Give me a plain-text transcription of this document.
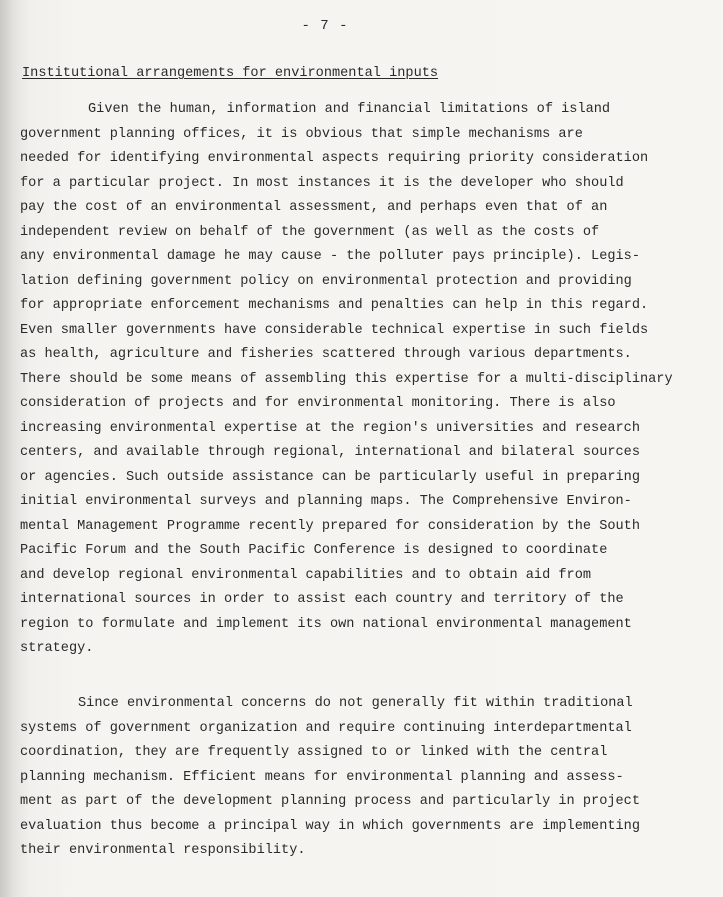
- 7 -
Institutional arrangements for environmental inputs
Given the human, information and financial limitations of island
government planning offices, it is obvious that simple mechanisms are
needed for identifying environmental aspects requiring priority consideration
for a particular project. In most instances it is the developer who should
pay the cost of an environmental assessment, and perhaps even that of an
independent review on behalf of the government (as well as the costs of
any environmental damage he may cause - the polluter pays principle). Legis-
lation defining government policy on environmental protection and providing
for appropriate enforcement mechanisms and penalties can help in this regard.
Even smaller governments have considerable technical expertise in such fields
as health, agriculture and fisheries scattered through various departments.
There should be some means of assembling this expertise for a multi-disciplinary
consideration of projects and for environmental monitoring. There is also
increasing environmental expertise at the region's universities and research
centers, and available through regional, international and bilateral sources
or agencies. Such outside assistance can be particularly useful in preparing
initial environmental surveys and planning maps. The Comprehensive Environ-
mental Management Programme recently prepared for consideration by the South
Pacific Forum and the South Pacific Conference is designed to coordinate
and develop regional environmental capabilities and to obtain aid from
international sources in order to assist each country and territory of the
region to formulate and implement its own national environmental management
strategy.
Since environmental concerns do not generally fit within traditional
systems of government organization and require continuing interdepartmental
coordination, they are frequently assigned to or linked with the central
planning mechanism. Efficient means for environmental planning and assess-
ment as part of the development planning process and particularly in project
evaluation thus become a principal way in which governments are implementing
their environmental responsibility.
